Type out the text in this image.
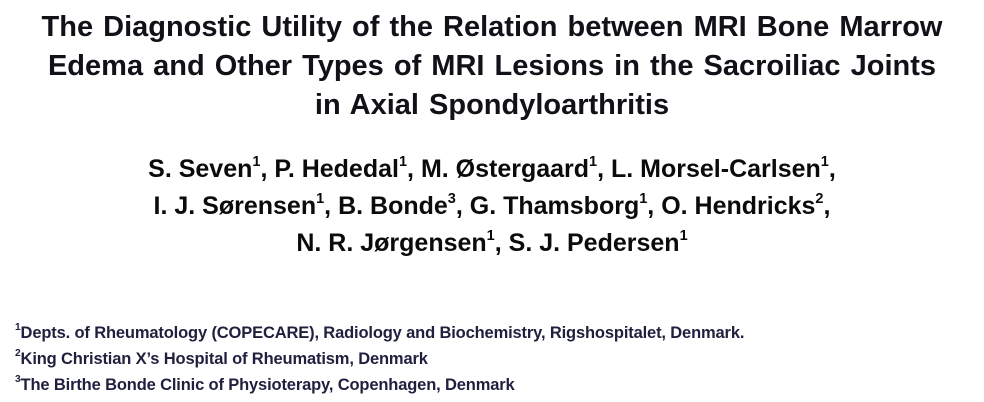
The Diagnostic Utility of the Relation between MRI Bone Marrow
Edema and Other Types of MRI Lesions in the Sacroiliac Joints
in Axial Spondyloarthritis
S. Seven$^1$, P. Hededal$^1$, M. Østergaard$^1$, L. Morsel-Carlsen$^1$,
I. J. Sørensen$^1$, B. Bonde$^3$, G. Thamsborg$^1$, O. Hendricks$^2$,
N. R. Jørgensen$^1$, S. J. Pedersen$^1$
$^1$Depts. of Rheumatology (COPECARE), Radiology and Biochemistry, Rigshospitalet, Denmark.
$^2$King Christian X’s Hospital of Rheumatism, Denmark
$^3$The Birthe Bonde Clinic of Physioterapy, Copenhagen, Denmark
